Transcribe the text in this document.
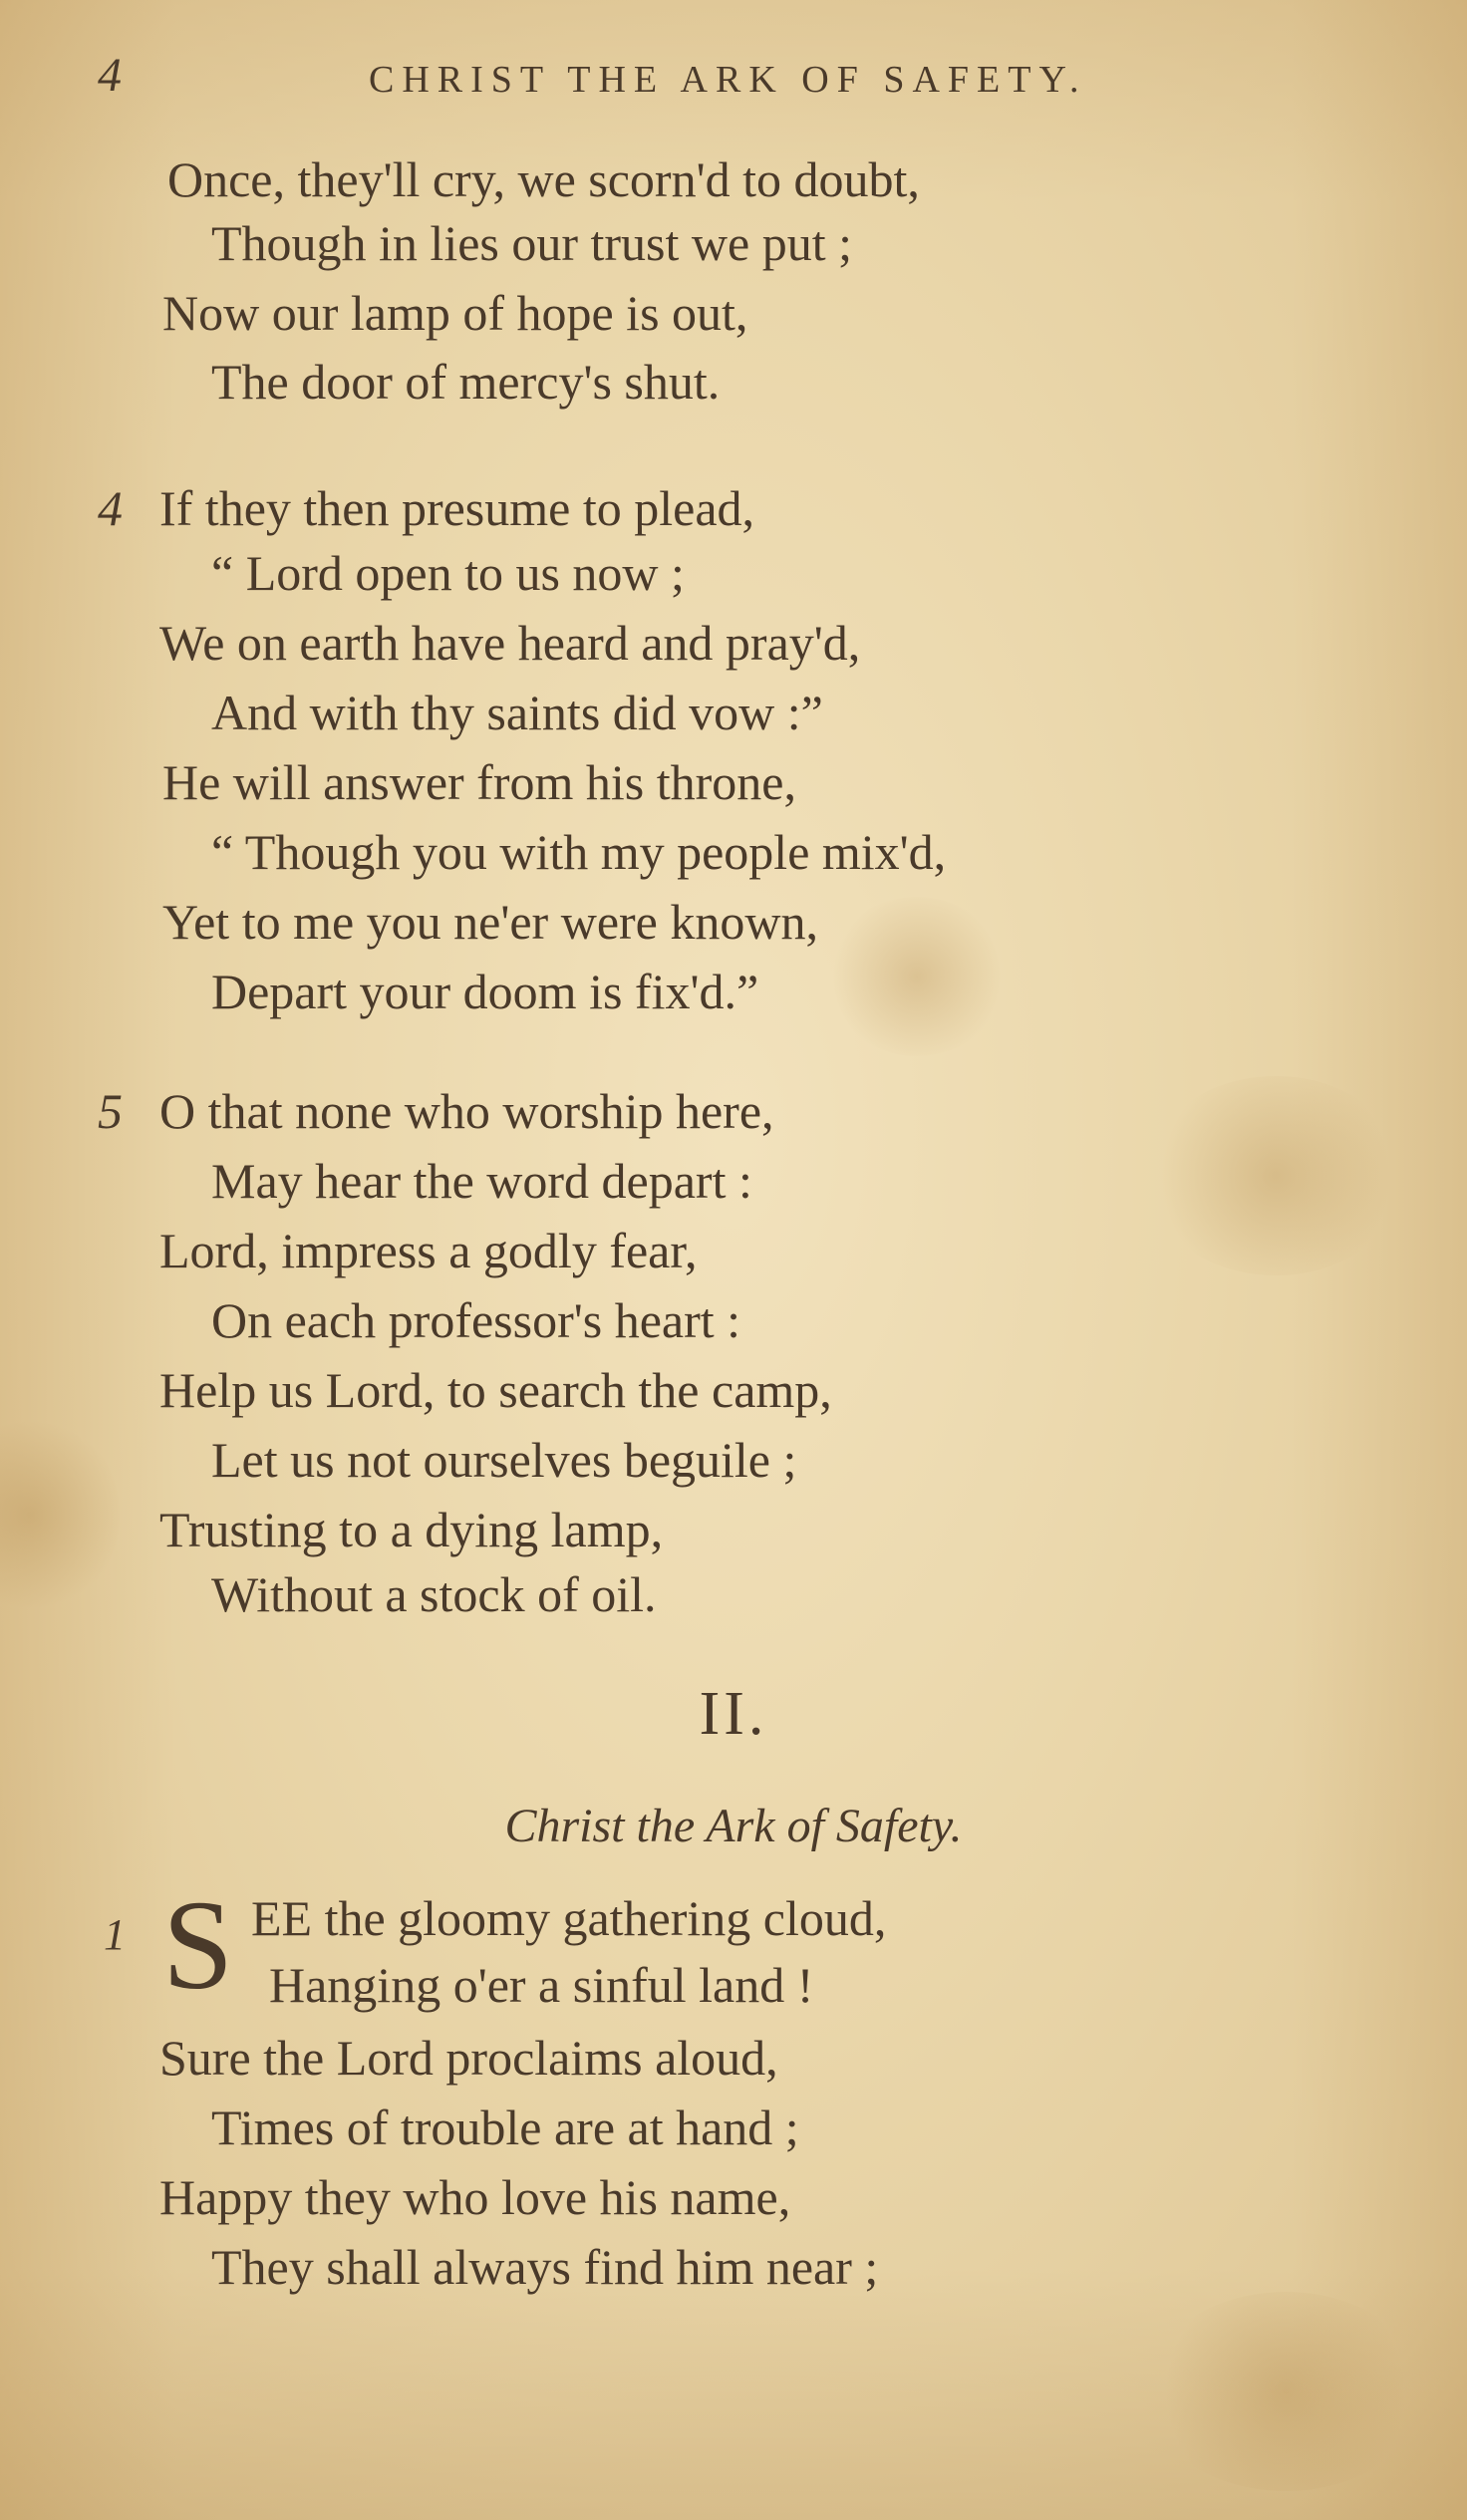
4	CHRIST THE ARK OF SAFETY.
Once, they'll cry, we scorn'd to doubt,
Though in lies our trust we put ;
Now our lamp of hope is out,
The door of mercy's shut.
4 If they then presume to plead,
“ Lord open to us now ;
We on earth have heard and pray'd,
And with thy saints did vow :”
He will answer from his throne,
“ Though you with my people mix'd,
Yet to me you ne'er were known,
Depart your doom is fix'd.”
5 O that none who worship here,
May hear the word depart :
Lord, impress a godly fear,
On each professor's heart :
Help us Lord, to search the camp,
Let us not ourselves beguile ;
Trusting to a dying lamp,
Without a stock of oil.
II.
Christ the Ark of Safety.
1 S EE the gloomy gathering cloud,
Hanging o'er a sinful land !
Sure the Lord proclaims aloud,
Times of trouble are at hand ;
Happy they who love his name,
They shall always find him near ;
